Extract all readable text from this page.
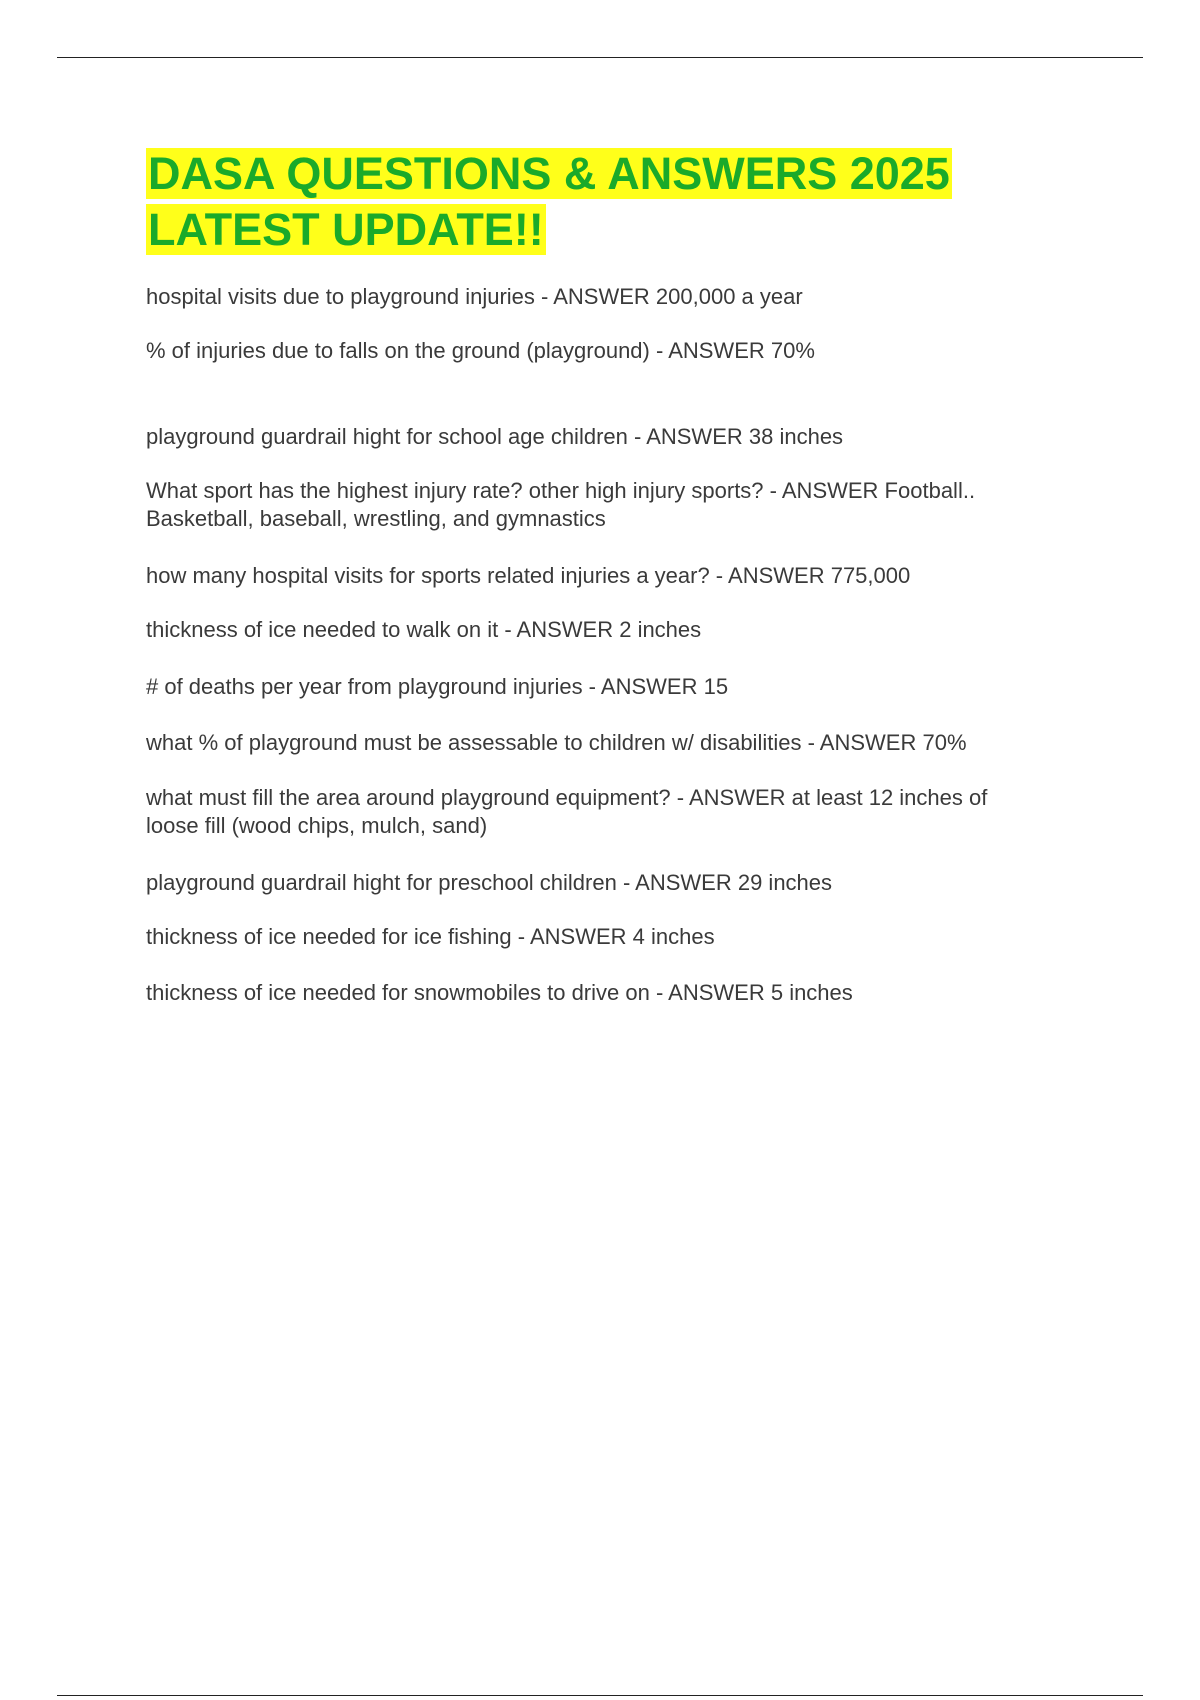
DASA QUESTIONS & ANSWERS 2025
LATEST UPDATE!!

hospital visits due to playground injuries - ANSWER 200,000 a year

% of injuries due to falls on the ground (playground) - ANSWER 70%

playground guardrail hight for school age children - ANSWER 38 inches

What sport has the highest injury rate? other high injury sports? - ANSWER Football..
Basketball, baseball, wrestling, and gymnastics

how many hospital visits for sports related injuries a year? - ANSWER 775,000

thickness of ice needed to walk on it - ANSWER 2 inches

# of deaths per year from playground injuries - ANSWER 15

what % of playground must be assessable to children w/ disabilities - ANSWER 70%

what must fill the area around playground equipment? - ANSWER at least 12 inches of
loose fill (wood chips, mulch, sand)

playground guardrail hight for preschool children - ANSWER 29 inches

thickness of ice needed for ice fishing - ANSWER 4 inches

thickness of ice needed for snowmobiles to drive on - ANSWER 5 inches
